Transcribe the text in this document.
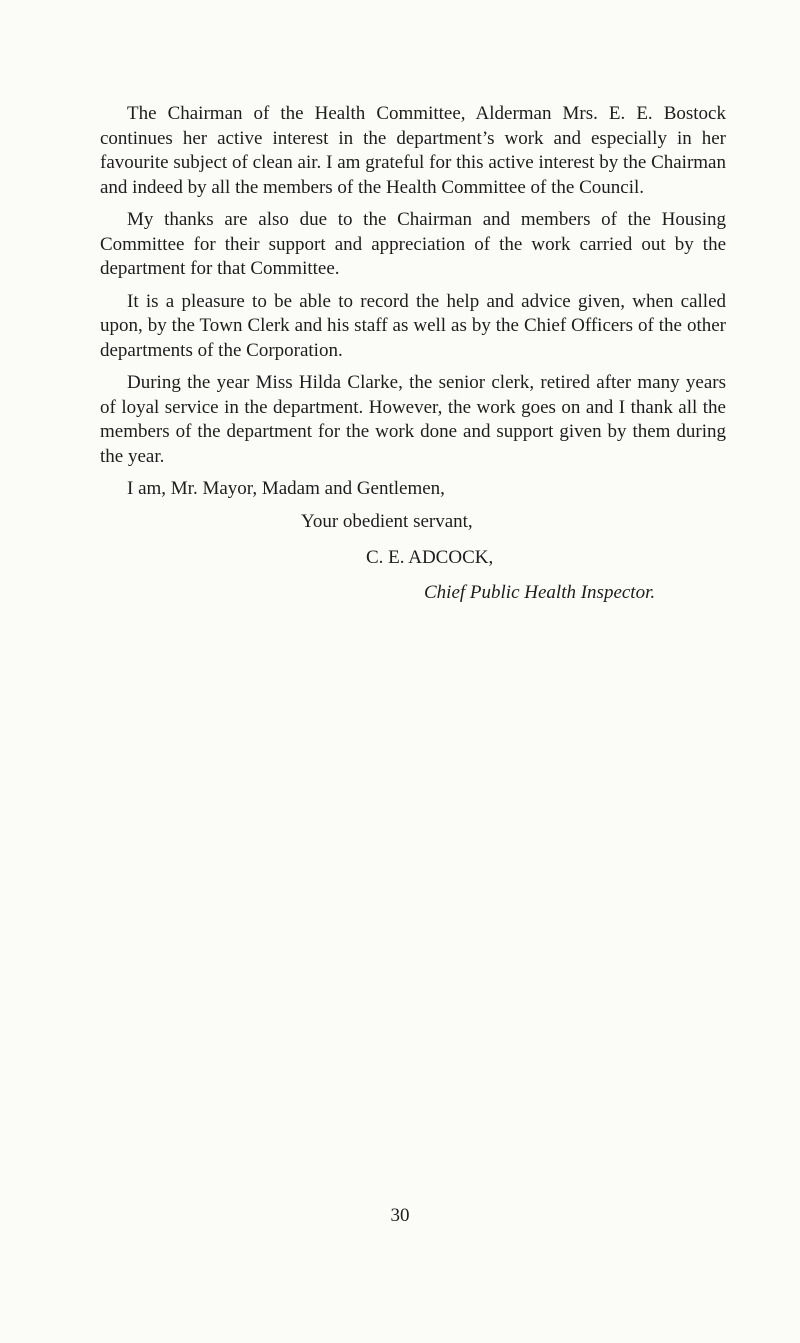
The Chairman of the Health Committee, Alderman Mrs. E. E. Bostock continues her active interest in the department’s work and especially in her favourite subject of clean air. I am grateful for this active interest by the Chairman and indeed by all the members of the Health Committee of the Council.

My thanks are also due to the Chairman and members of the Housing Committee for their support and appreciation of the work carried out by the department for that Committee.

It is a pleasure to be able to record the help and advice given, when called upon, by the Town Clerk and his staff as well as by the Chief Officers of the other departments of the Corporation.

During the year Miss Hilda Clarke, the senior clerk, retired after many years of loyal service in the department. However, the work goes on and I thank all the members of the department for the work done and support given by them during the year.

I am, Mr. Mayor, Madam and Gentlemen,

Your obedient servant,

C. E. ADCOCK,

Chief Public Health Inspector.

30
